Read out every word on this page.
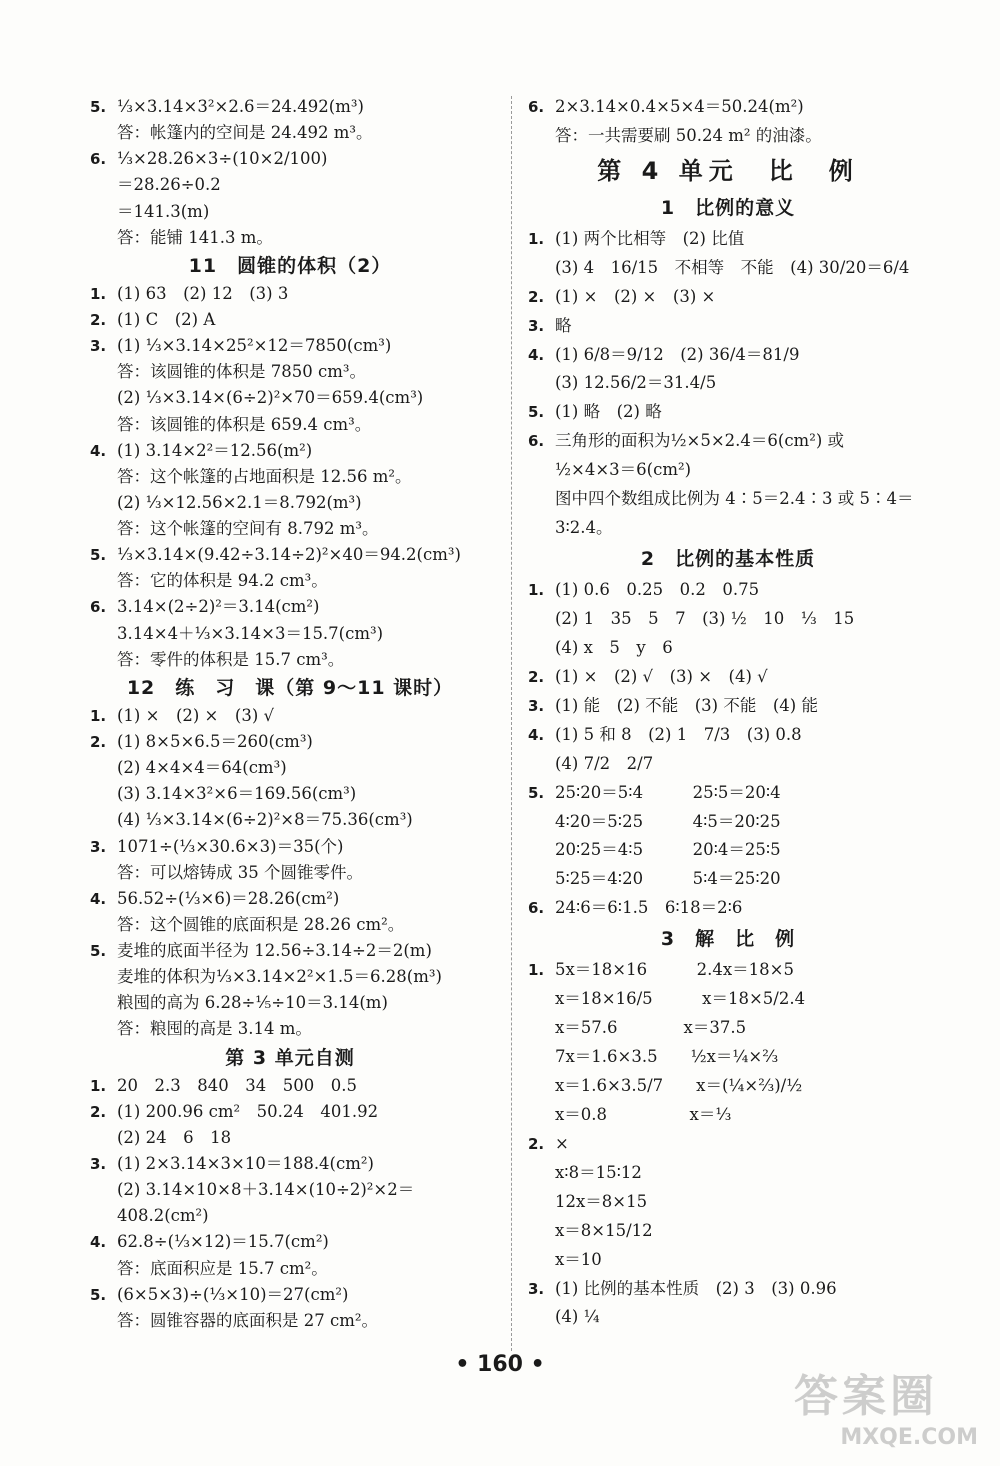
5. ⅓×3.14×3²×2.6＝24.492(m³)
答：帐篷内的空间是 24.492 m³。
6. ⅓×28.26×3÷(10×2/100)
＝28.26÷0.2
＝141.3(m)
答：能铺 141.3 m。
11　圆锥的体积（2）
1. (1) 63　(2) 12　(3) 3
2. (1) C　(2) A
3. (1) ⅓×3.14×25²×12＝7850(cm³)
答：该圆锥的体积是 7850 cm³。
(2) ⅓×3.14×(6÷2)²×70＝659.4(cm³)
答：该圆锥的体积是 659.4 cm³。
4. (1) 3.14×2²＝12.56(m²)
答：这个帐篷的占地面积是 12.56 m²。
(2) ⅓×12.56×2.1＝8.792(m³)
答：这个帐篷的空间有 8.792 m³。
5. ⅓×3.14×(9.42÷3.14÷2)²×40＝94.2(cm³)
答：它的体积是 94.2 cm³。
6. 3.14×(2÷2)²＝3.14(cm²)
3.14×4＋⅓×3.14×3＝15.7(cm³)
答：零件的体积是 15.7 cm³。
12　练　习　课（第 9～11 课时）
1. (1) ×　(2) ×　(3) √
2. (1) 8×5×6.5＝260(cm³)
(2) 4×4×4＝64(cm³)
(3) 3.14×3²×6＝169.56(cm³)
(4) ⅓×3.14×(6÷2)²×8＝75.36(cm³)
3. 1071÷(⅓×30.6×3)＝35(个)
答：可以熔铸成 35 个圆锥零件。
4. 56.52÷(⅓×6)＝28.26(cm²)
答：这个圆锥的底面积是 28.26 cm²。
5. 麦堆的底面半径为 12.56÷3.14÷2＝2(m)
麦堆的体积为⅓×3.14×2²×1.5＝6.28(m³)
粮囤的高为 6.28÷⅕÷10＝3.14(m)
答：粮囤的高是 3.14 m。
第 3 单元自测
1. 20　2.3　840　34　500　0.5
2. (1) 200.96 cm²　50.24　401.92
(2) 24　6　18
3. (1) 2×3.14×3×10＝188.4(cm²)
(2) 3.14×10×8＋3.14×(10÷2)²×2＝
408.2(cm²)
4. 62.8÷(⅓×12)＝15.7(cm²)
答：底面积应是 15.7 cm²。
5. (6×5×3)÷(⅓×10)＝27(cm²)
答：圆锥容器的底面积是 27 cm²。
6. 2×3.14×0.4×5×4＝50.24(m²)
答：一共需要刷 50.24 m² 的油漆。
第 4 单元　比　例
1　比例的意义
1. (1) 两个比相等　(2) 比值
(3) 4　16/15　不相等　不能　(4) 30/20＝6/4
2. (1) ×　(2) ×　(3) ×
3. 略
4. (1) 6/8＝9/12　(2) 36/4＝81/9
(3) 12.56/2＝31.4/5
5. (1) 略　(2) 略
6. 三角形的面积为½×5×2.4＝6(cm²) 或
½×4×3＝6(cm²)
图中四个数组成比例为 4∶5＝2.4∶3 或 5∶4＝
3∶2.4。
2　比例的基本性质
1. (1) 0.6　0.25　0.2　0.75
(2) 1　35　5　7　(3) ½　10　⅓　15
(4) x　5　y　6
2. (1) ×　(2) √　(3) ×　(4) √
3. (1) 能　(2) 不能　(3) 不能　(4) 能
4. (1) 5 和 8　(2) 1　7/3　(3) 0.8
(4) 7/2　2/7
5. 25∶20＝5∶4　　　25∶5＝20∶4
4∶20＝5∶25　　　4∶5＝20∶25
20∶25＝4∶5　　　20∶4＝25∶5
5∶25＝4∶20　　　5∶4＝25∶20
6. 24∶6＝6∶1.5　6∶18＝2∶6
3　解　比　例
1. 5x＝18×16　　　2.4x＝18×5
x＝18×16/5　　　x＝18×5/2.4
x＝57.6　　　　x＝37.5
7x＝1.6×3.5　　½x＝¼×⅔
x＝1.6×3.5/7　　x＝(¼×⅔)/½
x＝0.8　　　　　x＝⅓
2. ×
x∶8＝15∶12
12x＝8×15
x＝8×15/12
x＝10
3. (1) 比例的基本性质　(2) 3　(3) 0.96
(4) ¼
• 160 •
答案圈
MXQE.COM
